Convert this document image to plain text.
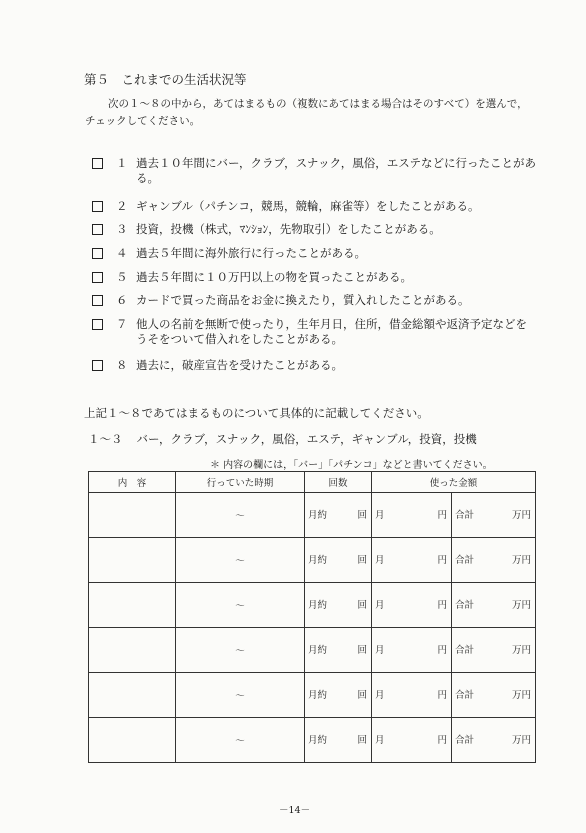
第５　これまでの生活状況等
次の１～８の中から，あてはまるもの（複数にあてはまる場合はそのすべて）を選んで，チェックしてください。
１ 過去１０年間にバー，クラブ，スナック，風俗，エステなどに行ったことがある。
２ ギャンブル（パチンコ，競馬，競輪，麻雀等）をしたことがある。
３ 投資，投機（株式，ﾏﾝｼｮﾝ，先物取引）をしたことがある。
４ 過去５年間に海外旅行に行ったことがある。
５ 過去５年間に１０万円以上の物を買ったことがある。
６ カードで買った商品をお金に換えたり，質入れしたことがある。
７ 他人の名前を無断で使ったり，生年月日，住所，借金総額や返済予定などをうそをついて借入れをしたことがある。
８ 過去に，破産宣告を受けたことがある。
上記１～８であてはまるものについて具体的に記載してください。
１～３ バー，クラブ，スナック，風俗，エステ，ギャンブル，投資，投機
＊ 内容の欄には，「バー」「パチンコ」などと書いてください。
内　容	行っていた時期	回数	使った金額	
	～	月約 回	月 円	合計 万円

	～	月約 回	月 円	合計 万円

	～	月約 回	月 円	合計 万円

	～	月約 回	月 円	合計 万円

	～	月約 回	月 円	合計 万円

	～	月約 回	月 円	合計 万円
－14－
